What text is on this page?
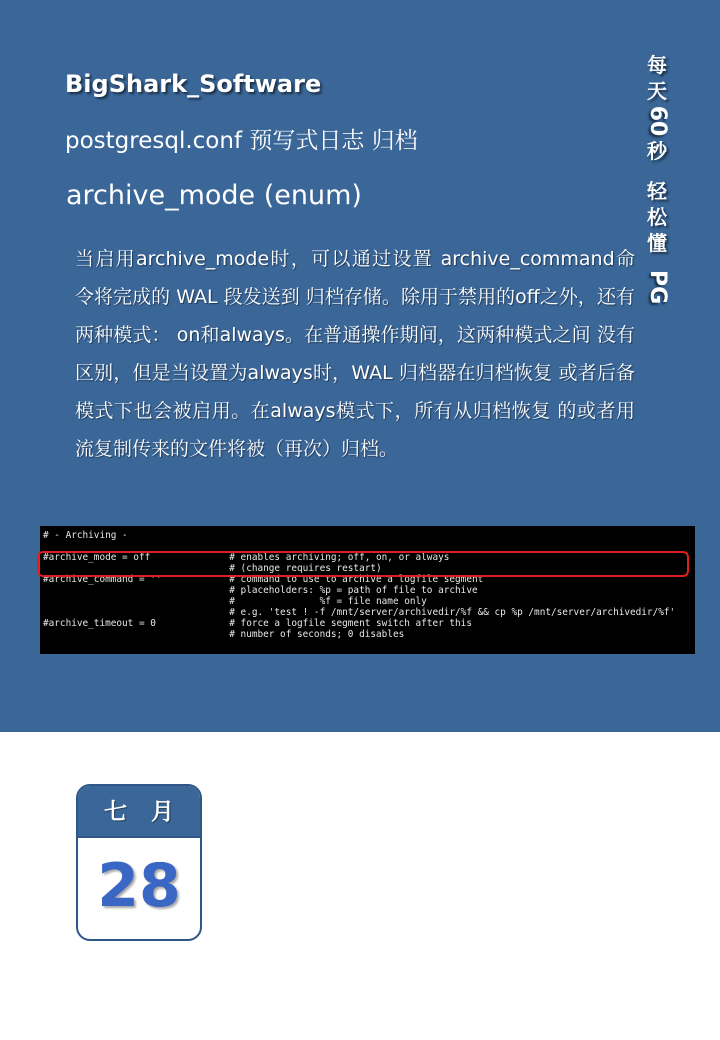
BigShark_Software
postgresql.conf 预写式日志 归档
archive_mode (enum)
每
天
60
秒
轻
松
懂
PG
当启用archive_mode时，可以通过设置 archive_command命令将完成的 WAL 段发送到 归档存储。除用于禁用的off之外，还有两种模式： on和always。在普通操作期间，这两种模式之间 没有区别，但是当设置为always时，WAL 归档器在归档恢复 或者后备模式下也会被启用。在always模式下，所有从归档恢复 的或者用流复制传来的文件将被（再次）归档。
# - Archiving -
#archive_mode = off              # enables archiving; off, on, or always
# (change requires restart)
#archive_command = ''            # command to use to archive a logfile segment
# placeholders: %p = path of file to archive
#               %f = file name only
# e.g. 'test ! -f /mnt/server/archivedir/%f && cp %p /mnt/server/archivedir/%f'
#archive_timeout = 0             # force a logfile segment switch after this
# number of seconds; 0 disables
七 月
28
